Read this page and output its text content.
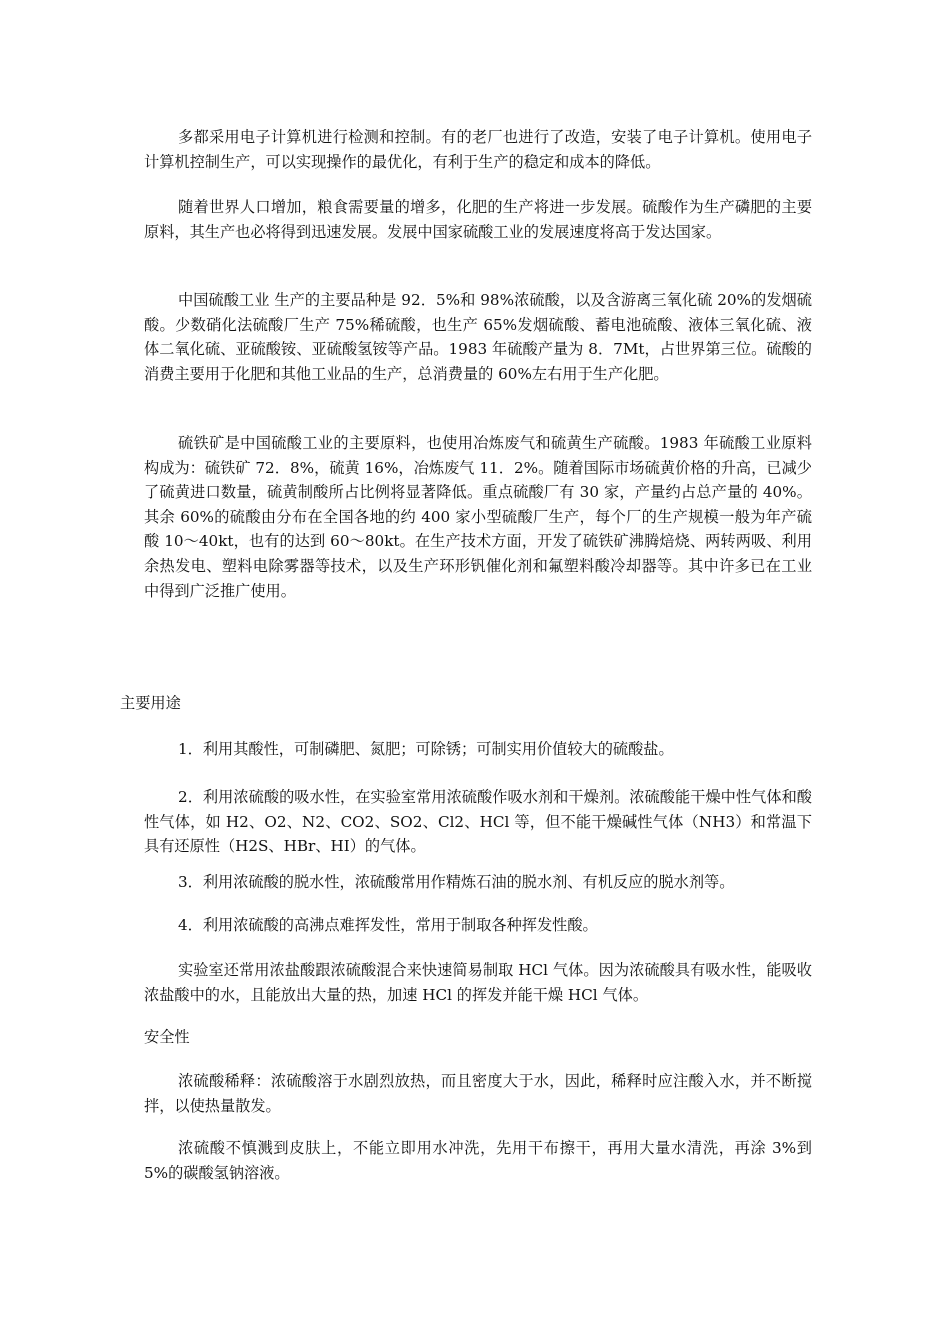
多都采用电子计算机进行检测和控制。有的老厂也进行了改造，安装了电子计算机。使用电子计算机控制生产，可以实现操作的最优化，有利于生产的稳定和成本的降低。

随着世界人口增加，粮食需要量的增多，化肥的生产将进一步发展。硫酸作为生产磷肥的主要原料，其生产也必将得到迅速发展。发展中国家硫酸工业的发展速度将高于发达国家。

中国硫酸工业 生产的主要品种是 92．5%和 98%浓硫酸，以及含游离三氧化硫 20%的发烟硫酸。少数硝化法硫酸厂生产 75%稀硫酸，也生产 65%发烟硫酸、蓄电池硫酸、液体三氧化硫、液体二氧化硫、亚硫酸铵、亚硫酸氢铵等产品。1983 年硫酸产量为 8．7Mt，占世界第三位。硫酸的消费主要用于化肥和其他工业品的生产，总消费量的 60%左右用于生产化肥。

硫铁矿是中国硫酸工业的主要原料，也使用冶炼废气和硫黄生产硫酸。1983 年硫酸工业原料构成为：硫铁矿 72．8%，硫黄 16%，冶炼废气 11．2%。随着国际市场硫黄价格的升高，已减少了硫黄进口数量，硫黄制酸所占比例将显著降低。重点硫酸厂有 30 家，产量约占总产量的 40%。其余 60%的硫酸由分布在全国各地的约 400 家小型硫酸厂生产，每个厂的生产规模一般为年产硫酸 10～40kt，也有的达到 60～80kt。在生产技术方面，开发了硫铁矿沸腾焙烧、两转两吸、利用余热发电、塑料电除雾器等技术，以及生产环形钒催化剂和氟塑料酸冷却器等。其中许多已在工业中得到广泛推广使用。

主要用途

1．利用其酸性，可制磷肥、氮肥；可除锈；可制实用价值较大的硫酸盐。

2．利用浓硫酸的吸水性，在实验室常用浓硫酸作吸水剂和干燥剂。浓硫酸能干燥中性气体和酸性气体，如 H2、O2、N2、CO2、SO2、Cl2、HCl 等，但不能干燥碱性气体（NH3）和常温下具有还原性（H2S、HBr、HI）的气体。

3．利用浓硫酸的脱水性，浓硫酸常用作精炼石油的脱水剂、有机反应的脱水剂等。

4．利用浓硫酸的高沸点难挥发性，常用于制取各种挥发性酸。

实验室还常用浓盐酸跟浓硫酸混合来快速简易制取 HCl 气体。因为浓硫酸具有吸水性，能吸收浓盐酸中的水，且能放出大量的热，加速 HCl 的挥发并能干燥 HCl 气体。

安全性

浓硫酸稀释：浓硫酸溶于水剧烈放热，而且密度大于水，因此，稀释时应注酸入水，并不断搅拌，以使热量散发。

浓硫酸不慎溅到皮肤上，不能立即用水冲洗，先用干布擦干，再用大量水清洗，再涂 3%到 5%的碳酸氢钠溶液。
